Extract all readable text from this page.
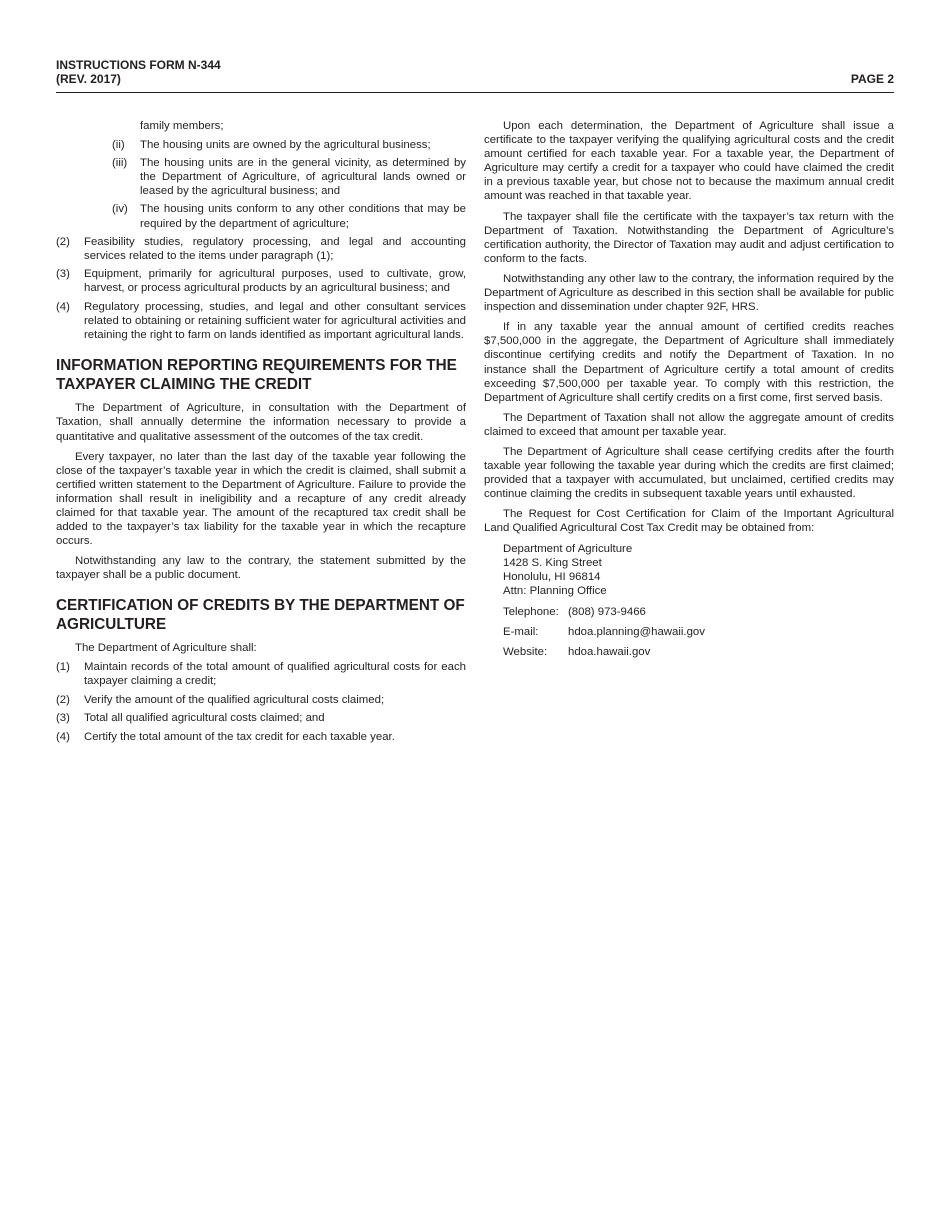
INSTRUCTIONS FORM N-344
(REV. 2017)	PAGE 2
family members;
(ii) The housing units are owned by the agricultural business;
(iii) The housing units are in the general vicinity, as determined by the Department of Agriculture, of agricultural lands owned or leased by the agricultural business; and
(iv) The housing units conform to any other conditions that may be required by the department of agriculture;
(2) Feasibility studies, regulatory processing, and legal and accounting services related to the items under paragraph (1);
(3) Equipment, primarily for agricultural purposes, used to cultivate, grow, harvest, or process agricultural products by an agricultural business; and
(4) Regulatory processing, studies, and legal and other consultant services related to obtaining or retaining sufficient water for agricultural activities and retaining the right to farm on lands identified as important agricultural lands.
INFORMATION REPORTING REQUIREMENTS FOR THE TAXPAYER CLAIMING THE CREDIT

The Department of Agriculture, in consultation with the Department of Taxation, shall annually determine the information necessary to provide a quantitative and qualitative assessment of the outcomes of the tax credit.

Every taxpayer, no later than the last day of the taxable year following the close of the taxpayer’s taxable year in which the credit is claimed, shall submit a certified written statement to the Department of Agriculture. Failure to provide the information shall result in ineligibility and a recapture of any credit already claimed for that taxable year. The amount of the recaptured tax credit shall be added to the taxpayer’s tax liability for the taxable year in which the recapture occurs.

Notwithstanding any law to the contrary, the statement submitted by the taxpayer shall be a public document.

CERTIFICATION OF CREDITS BY THE DEPARTMENT OF AGRICULTURE
The Department of Agriculture shall:
(1) Maintain records of the total amount of qualified agricultural costs for each taxpayer claiming a credit;
(2) Verify the amount of the qualified agricultural costs claimed;
(3) Total all qualified agricultural costs claimed; and
(4) Certify the total amount of the tax credit for each taxable year.

Upon each determination, the Department of Agriculture shall issue a certificate to the taxpayer verifying the qualifying agricultural costs and the credit amount certified for each taxable year. For a taxable year, the Department of Agriculture may certify a credit for a taxpayer who could have claimed the credit in a previous taxable year, but chose not to because the maximum annual credit amount was reached in that taxable year.

The taxpayer shall file the certificate with the taxpayer’s tax return with the Department of Taxation. Notwithstanding the Department of Agriculture’s certification authority, the Director of Taxation may audit and adjust certification to conform to the facts.

Notwithstanding any other law to the contrary, the information required by the Department of Agriculture as described in this section shall be available for public inspection and dissemination under chapter 92F, HRS.

If in any taxable year the annual amount of certified credits reaches $7,500,000 in the aggregate, the Department of Agriculture shall immediately discontinue certifying credits and notify the Department of Taxation. In no instance shall the Department of Agriculture certify a total amount of credits exceeding $7,500,000 per taxable year. To comply with this restriction, the Department of Agriculture shall certify credits on a first come, first served basis.

The Department of Taxation shall not allow the aggregate amount of credits claimed to exceed that amount per taxable year.

The Department of Agriculture shall cease certifying credits after the fourth taxable year following the taxable year during which the credits are first claimed; provided that a taxpayer with accumulated, but unclaimed, certified credits may continue claiming the credits in subsequent taxable years until exhausted.

The Request for Cost Certification for Claim of the Important Agricultural Land Qualified Agricultural Cost Tax Credit may be obtained from:

Department of Agriculture
1428 S. King Street
Honolulu, HI 96814
Attn: Planning Office
Telephone: (808) 973-9466
E-mail:	hdoa.planning@hawaii.gov
Website: hdoa.hawaii.gov
